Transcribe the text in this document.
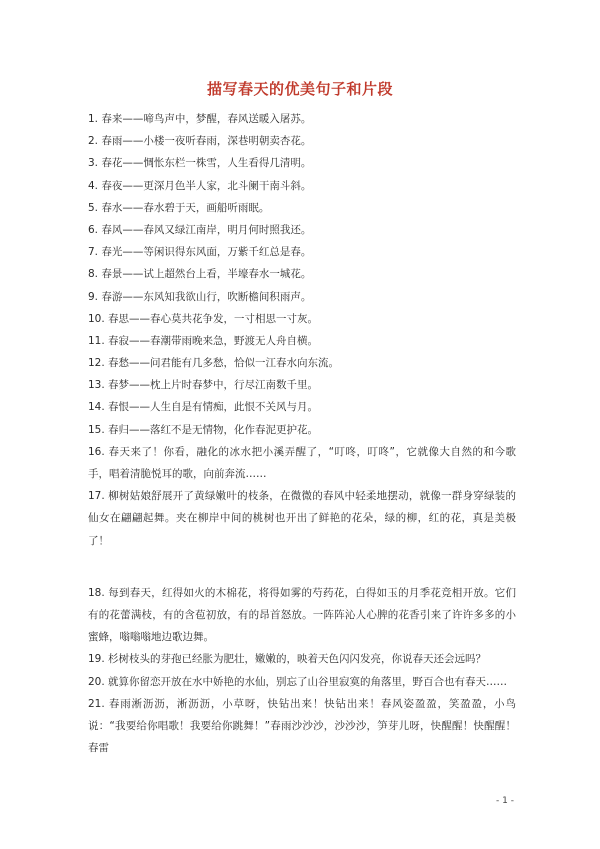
描写春天的优美句子和片段
1. 春来——啼鸟声中，梦醒，春风送暖入屠苏。
2. 春雨——小楼一夜听春雨，深巷明朝卖杏花。
3. 春花——惆怅东栏一株雪，人生看得几清明。
4. 春夜——更深月色半人家，北斗阑干南斗斜。
5. 春水——春水碧于天，画船听雨眠。
6. 春风——春风又绿江南岸，明月何时照我还。
7. 春光——等闲识得东风面，万紫千红总是春。
8. 春景——试上超然台上看，半壕春水一城花。
9. 春游——东风知我欲山行，吹断檐间积雨声。
10. 春思——春心莫共花争发，一寸相思一寸灰。
11. 春寂——春潮带雨晚来急，野渡无人舟自横。
12. 春愁——问君能有几多愁，恰似一江春水向东流。
13. 春梦——枕上片时春梦中，行尽江南数千里。
14. 春恨——人生自是有情痴，此恨不关风与月。
15. 春归——落红不是无情物，化作春泥更护花。
16. 春天来了！你看，融化的冰水把小溪弄醒了，“叮咚，叮咚”，它就像大自然的和今歌手，唱着清脆悦耳的歌，向前奔流……
17. 柳树姑娘舒展开了黄绿嫩叶的枝条，在微微的春风中轻柔地摆动，就像一群身穿绿装的仙女在翩翩起舞。夹在柳岸中间的桃树也开出了鲜艳的花朵，绿的柳，红的花，真是美极了！
18. 每到春天，红得如火的木棉花，将得如雾的芍药花，白得如玉的月季花竞相开放。它们有的花蕾满枝，有的含苞初放，有的昂首怒放。一阵阵沁人心脾的花香引来了许许多多的小蜜蜂，嗡嗡嗡地边歌边舞。
19. 杉树枝头的芽孢已经胀为肥壮，嫩嫩的，映着天色闪闪发亮，你说春天还会远吗？
20. 就算你留恋开放在水中娇艳的水仙，别忘了山谷里寂寞的角落里，野百合也有春天……
21. 春雨淅沥沥，淅沥沥，小草呀，快钻出来！快钻出来！春风姿盈盈，笑盈盈，小鸟说：“我要给你唱歌！我要给你跳舞！”春雨沙沙沙，沙沙沙，笋芽儿呀，快醒醒！快醒醒！春雷
- 1 -
